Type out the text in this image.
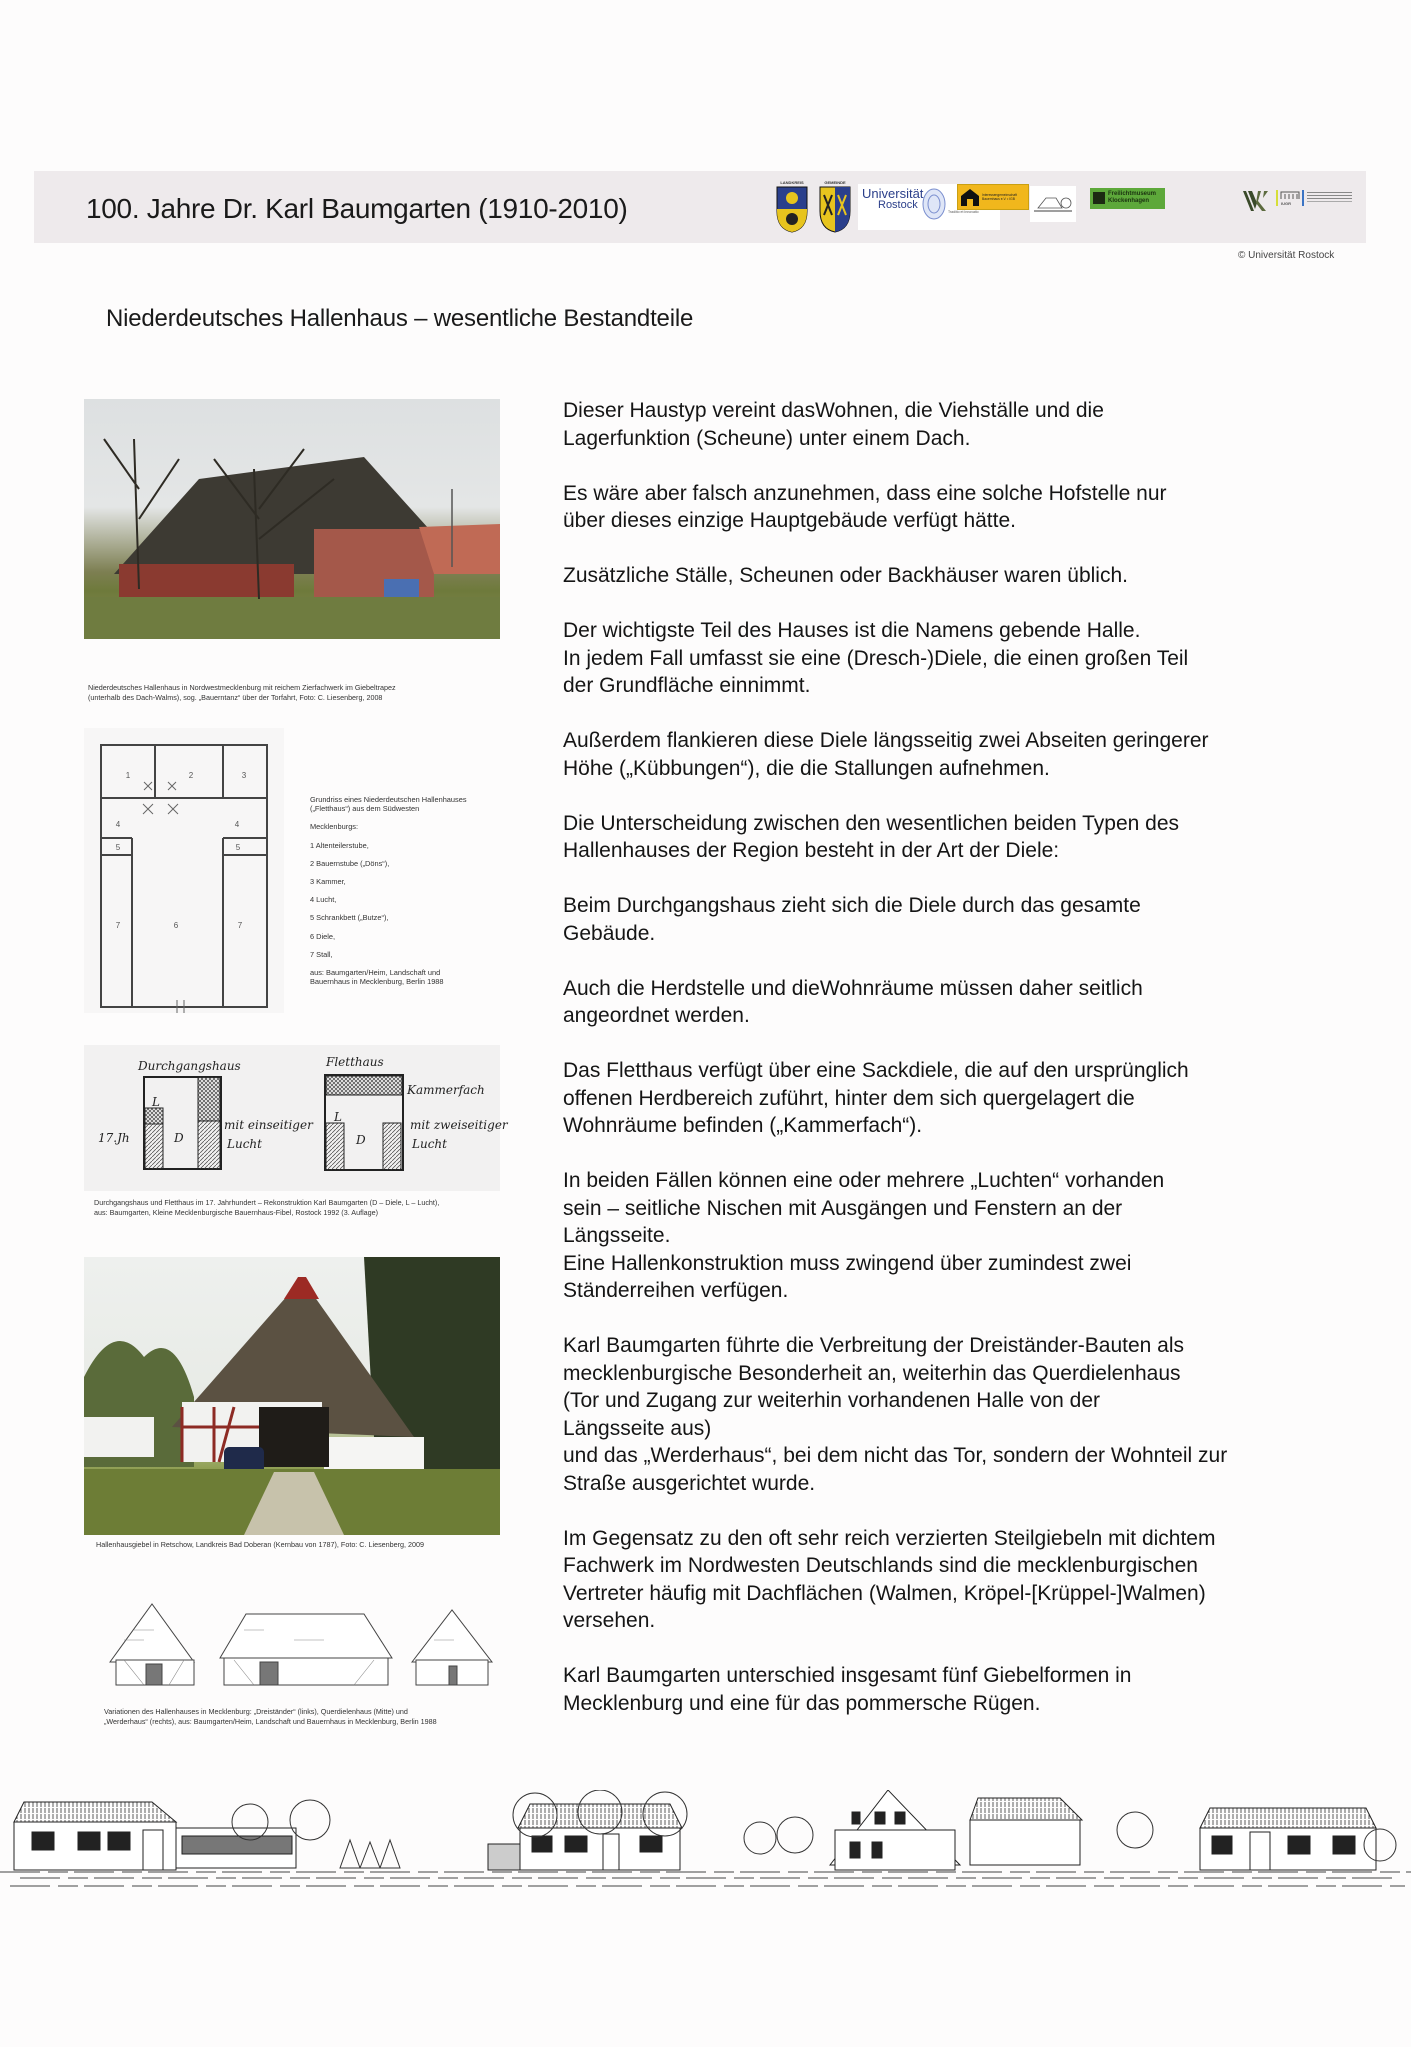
100. Jahre Dr. Karl Baumgarten (1910-2010)
LANDKREIS	GEMEINDE
Universität
Rostock
Traditio et Innovatio
Interessengemeinschaft
Bauernhaus e.V. • IGB
Freilichtmuseum
Klockenhagen	IUGR
© Universität Rostock
Niederdeutsches Hallenhaus – wesentliche Bestandteile
Niederdeutsches Hallenhaus in Nordwestmecklenburg mit reichem Zierfachwerk im Giebeltrapez
(unterhalb des Dach-Walms), sog. „Bauerntanz“ über der Torfahrt, Foto: C. Liesenberg, 2008
1	2	3
4	4
5	5
7	6	7
Grundriss eines Niederdeutschen Hallenhauses
(„Fletthaus“) aus dem Südwesten
Mecklenburgs:
1 Altenteilerstube,
2 Bauernstube („Döns“),
3 Kammer,
4 Lucht,
5 Schrankbett („Butze“),
6 Diele,
7 Stall,
aus: Baumgarten/Heim, Landschaft und
Bauernhaus in Mecklenburg, Berlin 1988
Durchgangshaus	Fletthaus
17.Jh
L
D
L
D
mit einseitiger
Lucht
Kammerfach
mit zweiseitiger
Lucht
Durchgangshaus und Fletthaus im 17. Jahrhundert – Rekonstruktion Karl Baumgarten (D – Diele, L – Lucht),
aus: Baumgarten, Kleine Mecklenburgische Bauernhaus-Fibel, Rostock 1992 (3. Auflage)
Hallenhausgiebel in Retschow, Landkreis Bad Doberan (Kernbau von 1787), Foto: C. Liesenberg, 2009
Variationen des Hallenhauses in Mecklenburg: „Dreiständer“ (links), Querdielenhaus (Mitte) und
„Werderhaus“ (rechts), aus: Baumgarten/Heim, Landschaft und Bauernhaus in Mecklenburg, Berlin 1988

Dieser Haustyp vereint dasWohnen, die Viehställe und die
Lagerfunktion (Scheune) unter einem Dach.

Es wäre aber falsch anzunehmen, dass eine solche Hofstelle nur
über dieses einzige Hauptgebäude verfügt hätte.

Zusätzliche Ställe, Scheunen oder Backhäuser waren üblich.

Der wichtigste Teil des Hauses ist die Namens gebende Halle.
In jedem Fall umfasst sie eine (Dresch-)Diele, die einen großen Teil
der Grundfläche einnimmt.

Außerdem flankieren diese Diele längsseitig zwei Abseiten geringerer
Höhe („Kübbungen“), die die Stallungen aufnehmen.

Die Unterscheidung zwischen den wesentlichen beiden Typen des
Hallenhauses der Region besteht in der Art der Diele:

Beim Durchgangshaus zieht sich die Diele durch das gesamte
Gebäude.

Auch die Herdstelle und dieWohnräume müssen daher seitlich
angeordnet werden.

Das Fletthaus verfügt über eine Sackdiele, die auf den ursprünglich
offenen Herdbereich zuführt, hinter dem sich quergelagert die
Wohnräume befinden („Kammerfach“).

In beiden Fällen können eine oder mehrere „Luchten“ vorhanden
sein – seitliche Nischen mit Ausgängen und Fenstern an der
Längsseite.
Eine Hallenkonstruktion muss zwingend über zumindest zwei
Ständerreihen verfügen.

Karl Baumgarten führte die Verbreitung der Dreiständer-Bauten als
mecklenburgische Besonderheit an, weiterhin das Querdielenhaus
(Tor und Zugang zur weiterhin vorhandenen Halle von der
Längsseite aus)
und das „Werderhaus“, bei dem nicht das Tor, sondern der Wohnteil zur
Straße ausgerichtet wurde.

Im Gegensatz zu den oft sehr reich verzierten Steilgiebeln mit dichtem
Fachwerk im Nordwesten Deutschlands sind die mecklenburgischen
Vertreter häufig mit Dachflächen (Walmen, Kröpel-[Krüppel-]Walmen)
versehen.

Karl Baumgarten unterschied insgesamt fünf Giebelformen in
Mecklenburg und eine für das pommersche Rügen.
